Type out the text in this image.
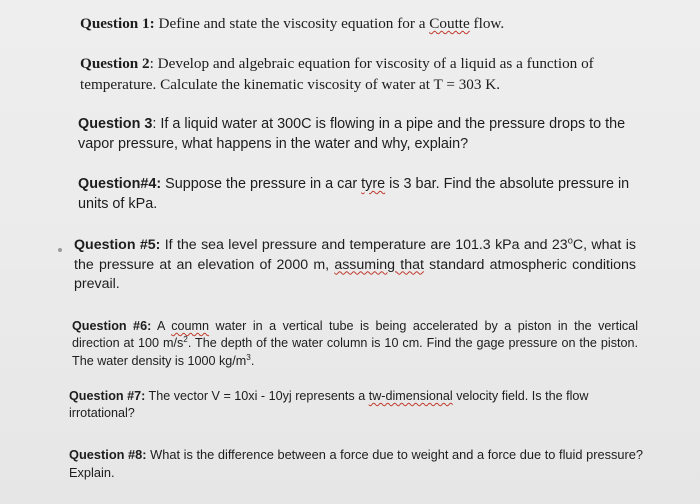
Question 1: Define and state the viscosity equation for a Coutte flow.
Question 2: Develop and algebraic equation for viscosity of a liquid as a function of temperature. Calculate the kinematic viscosity of water at T = 303 K.
Question 3: If a liquid water at 300C is flowing in a pipe and the pressure drops to the vapor pressure, what happens in the water and why, explain?
Question#4: Suppose the pressure in a car tyre is 3 bar. Find the absolute pressure in units of kPa.
Question #5: If the sea level pressure and temperature are 101.3 kPa and 23$^o$C, what is the pressure at an elevation of 2000 m, assuming that standard atmospheric conditions prevail.
Question #6: A coumn water in a vertical tube is being accelerated by a piston in the vertical direction at 100 $m/s^2$. The depth of the water column is 10 cm. Find the gage pressure on the piston. The water density is 1000 $kg/m^3$.
Question #7: The vector V = 10xi - 10yj represents a tw-dimensional velocity field. Is the flow irrotational?
Question #8: What is the difference between a force due to weight and a force due to fluid pressure? Explain.
